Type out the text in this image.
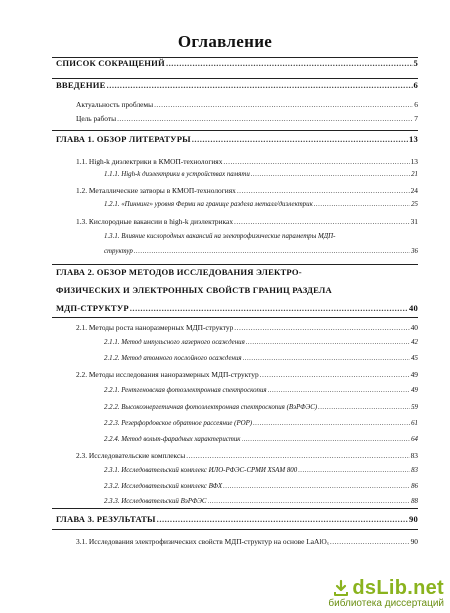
Оглавление
СПИСОК СОКРАЩЕНИЙ .....	5
ВВЕДЕНИЕ .....	6
Актуальность проблемы .....	6
Цель работы .....	7
ГЛАВА 1. ОБЗОР ЛИТЕРАТУРЫ .....	13
1.1. High-k диэлектрики в КМОП-технологиях .....	13
1.1.1. High-k диэлектрики в устройствах памяти .....	21
1.2. Металлические затворы в КМОП-технологиях .....	24
1.2.1. «Пиннинг» уровня Ферми на границе раздела металл/диэлектрик .....	25
1.3. Кислородные вакансии в high-k диэлектриках .....	31
1.3.1. Влияние кислородных вакансий на электрофизические параметры МДП-
структур .....	36
ГЛАВА 2. ОБЗОР МЕТОДОВ ИССЛЕДОВАНИЯ ЭЛЕКТРО-
ФИЗИЧЕСКИХ И ЭЛЕКТРОННЫХ СВОЙСТВ ГРАНИЦ РАЗДЕЛА
МДП-СТРУКТУР .....	40
2.1. Методы роста наноразмерных МДП-структур .....	40
2.1.1. Метод импульсного лазерного осаждения .....	42
2.1.2. Метод атомного послойного осаждения .....	45
2.2. Методы исследования наноразмерных МДП-структур .....	49
2.2.1. Рентгеновская фотоэлектронная спектроскопия .....	49
2.2.2. Высокоэнергетичная фотоэлектронная спектроскопия (ВэРФЭС) .....	59
2.2.3. Резерфордовское обратное рассеяние (РОР) .....	61
2.2.4. Метод вольт-фарадных характеристик .....	64
2.3. Исследовательские комплексы .....	83
2.3.1. Исследовательский комплекс ИЛО-РФЭС-СРМИ XSAM 800 .....	83
2.3.2. Исследовательский комплекс ВФХ .....	86
2.3.3. Исследовательский ВэРФЭС .....	88
ГЛАВА 3. РЕЗУЛЬТАТЫ .....	90
3.1. Исследования электрофизических свойств МДП-структур на основе LaAlOₓ .....	90
dsLib.net
библиотека диссертаций
